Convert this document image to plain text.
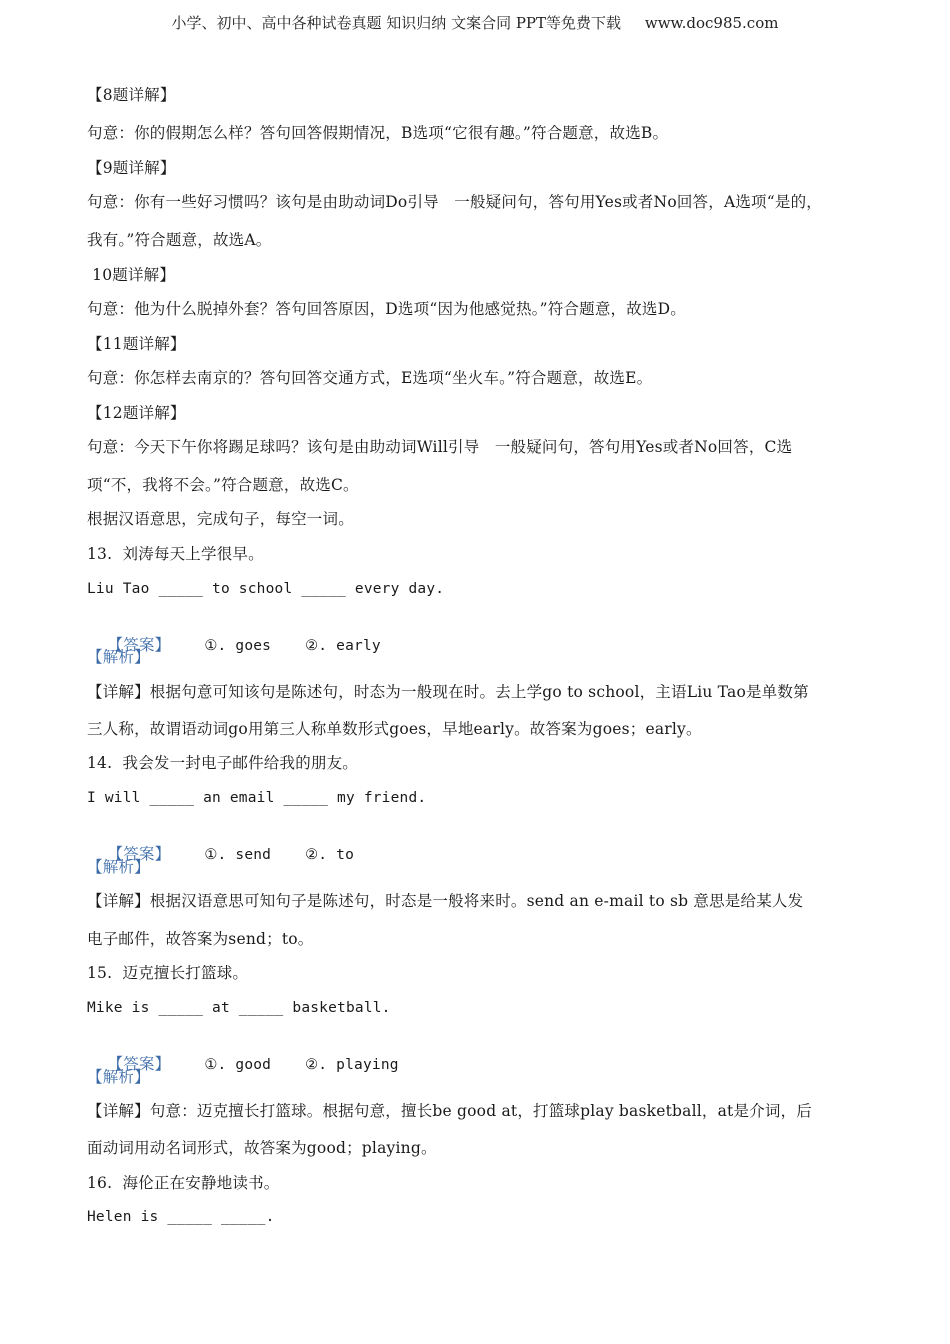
小学、初中、高中各种试卷真题 知识归纳 文案合同 PPT等免费下载     www.doc985.com

【8题详解】

句意：你的假期怎么样？答句回答假期情况，B选项“它很有趣。”符合题意，故选B。

【9题详解】

句意：你有一些好习惯吗？该句是由助动词Do引导   一般疑问句，答句用Yes或者No回答，A选项“是的，

我有。”符合题意，故选A。

10题详解】

句意：他为什么脱掉外套？答句回答原因，D选项“因为他感觉热。”符合题意，故选D。

【11题详解】

句意：你怎样去南京的？答句回答交通方式，E选项“坐火车。”符合题意，故选E。

【12题详解】

句意：今天下午你将踢足球吗？该句是由助动词Will引导   一般疑问句，答句用Yes或者No回答，C选

项“不，我将不会。”符合题意，故选C。

根据汉语意思，完成句子，每空一词。

13.  刘涛每天上学很早。

Liu Tao _____ to school _____ every day.

【答案】 ①. goes ②. early

【解析】

【详解】根据句意可知该句是陈述句，时态为一般现在时。去上学go to school，主语Liu Tao是单数第

三人称，故谓语动词go用第三人称单数形式goes，早地early。故答案为goes；early。

14.  我会发一封电子邮件给我的朋友。

I will _____ an email _____ my friend.

【答案】 ①. send ②. to

【解析】

【详解】根据汉语意思可知句子是陈述句，时态是一般将来时。send an e-mail to sb 意思是给某人发

电子邮件，故答案为send；to。

15.  迈克擅长打篮球。

Mike is _____ at _____ basketball.

【答案】 ①. good ②. playing

【解析】

【详解】句意：迈克擅长打篮球。根据句意，擅长be good at，打篮球play basketball，at是介词，后

面动词用动名词形式，故答案为good；playing。

16.  海伦正在安静地读书。

Helen is _____ _____.
